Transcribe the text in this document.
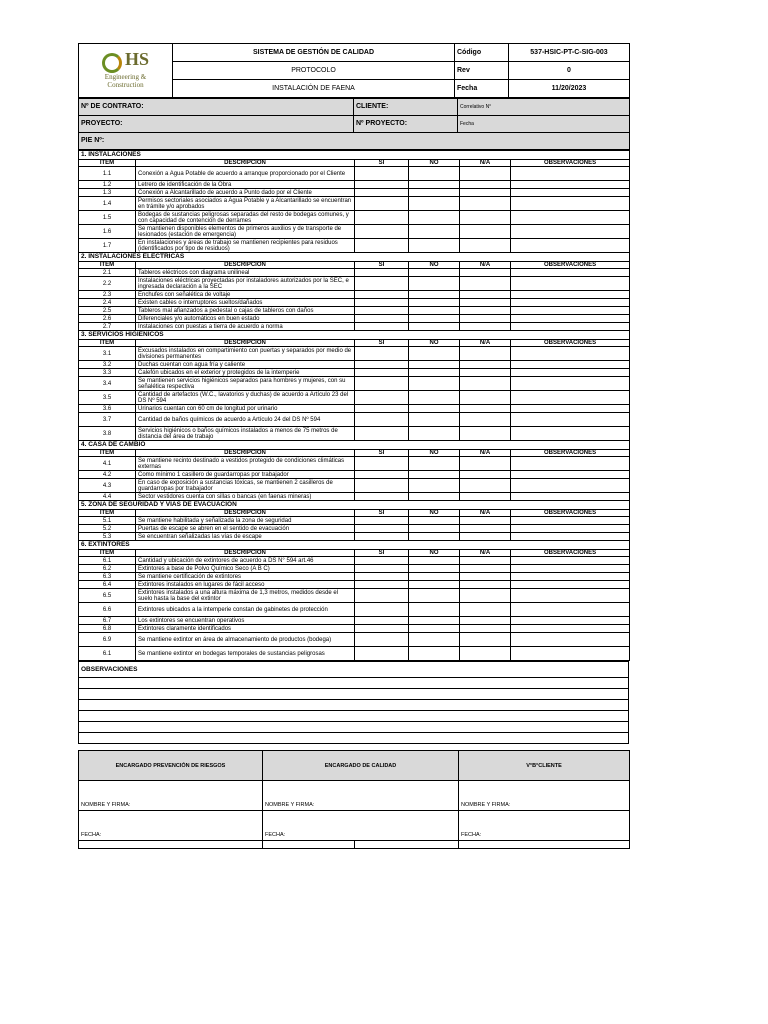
HS
Engineering &
Construction	SISTEMA DE GESTIÓN DE CALIDAD	Código	537-HSIC-PT-C-SIG-003
	PROTOCOLO	Rev	0
	INSTALACIÓN DE FAENA	Fecha	11/20/2023
Nº DE CONTRATO:	CLIENTE:	Correlativo N°
PROYECTO:	Nº PROYECTO:	Fecha
PIE Nº:		
1. INSTALACIONES					
ITEM	DESCRIPCION	SI	NO	N/A	OBSERVACIONES
1.1	Conexión a Agua Potable de acuerdo a arranque proporcionado por el Cliente				
1.2	Letrero de identificación de la Obra				
1.3	Conexión a Alcantarillado de acuerdo a Punto dado por el Cliente				
1.4	Permisos sectoriales asociados a Agua Potable y a Alcantarillado se encuentran en trámite y/o aprobados				
1.5	Bodegas de sustancias peligrosas separadas del resto de bodegas comunes, y con capacidad de contención de derrames				
1.6	Se mantienen disponibles elementos de primeros auxilios y de transporte de lesionados (estación de emergencia)				
1.7	En instalaciones y áreas de trabajo se mantienen recipientes para residuos (identificados por tipo de residuos)				
2. INSTALACIONES ELECTRICAS					
ITEM	DESCRIPCION	SI	NO	N/A	OBSERVACIONES
2.1	Tableros eléctricos con diagrama unilineal				
2.2	Instalaciones eléctricas proyectadas por instaladores autorizados por la SEC, e ingresada declaración a la SEC				
2.3	Enchufes con señalética de voltaje				
2.4	Existen cables o interruptores sueltos/dañados				
2.5	Tableros mal afianzados a pedestal o cajas de tableros con daños				
2.6	Diferenciales y/o automáticos en buen estado				
2.7	Instalaciones con puestas a tierra de acuerdo a norma				
3. SERVICIOS HIGIENICOS					
ITEM	DESCRIPCION	SI	NO	N/A	OBSERVACIONES
3.1	Excusados instalados en compartimiento con puertas y separados por medio de divisiones permanentes				
3.2	Duchas cuentan con agua fría y caliente				
3.3	Calefón ubicados en el exterior y protegidos de la intemperie				
3.4	Se mantienen servicios higiénicos separados para hombres y mujeres, con su señalética respectiva				
3.5	Cantidad de artefactos (W.C., lavatorios y duchas) de acuerdo a Artículo 23 del DS Nº 594				
3.6	Urinarios cuentan con 60 cm de longitud por urinario				
3.7	Cantidad de baños químicos de acuerdo a Artículo 24 del DS Nº 594				
3.8	Servicios higiénicos o baños químicos instalados a menos de 75 metros de distancia del área de trabajo				
4. CASA DE CAMBIO					
ITEM	DESCRIPCION	SI	NO	N/A	OBSERVACIONES
4.1	Se mantiene recinto destinado a vestidos protegido de condiciones climáticas externas				
4.2	Como mínimo 1 casillero de guardarropas por trabajador				
4.3	En caso de exposición a sustancias tóxicas, se mantienen 2 casilleros de guardarropas por trabajador				
4.4	Sector vestidores cuenta con sillas o bancas (en faenas mineras)				
5. ZONA DE SEGURIDAD Y VIAS DE EVACUACION					
ITEM	DESCRIPCION	SI	NO	N/A	OBSERVACIONES
5.1	Se mantiene habilitada y señalizada la zona de seguridad				
5.2	Puertas de escape se abren en el sentido de evacuación				
5.3	Se encuentran señalizadas las vías de escape				
6. EXTINTORES					
ITEM	DESCRIPCION	SI	NO	N/A	OBSERVACIONES
6.1	Cantidad y ubicación de extintores de acuerdo a DS N° 594 art.46				
6.2	Extintores a base de Polvo Químico Seco (A B C)				
6.3	Se mantiene certificación de extintores				
6.4	Extintores instalados en lugares de fácil acceso				
6.5	Extintores instalados a una altura máxima de 1,3 metros, medidos desde el suelo hasta la base del extintor				
6.6	Extintores ubicados a la intemperie constan de gabinetes de protección				
6.7	Los extintores se encuentran operativos				
6.8	Extintores claramente identificados				
6.9	Se mantiene extintor en área de almacenamiento de productos (bodega)				
6.1	Se mantiene extintor en bodegas temporales de sustancias peligrosas				
OBSERVACIONES

ENCARGADO PREVENCIÓN DE RIESGOS	ENCARGADO DE CALIDAD		V°B°CLIENTE
NOMBRE Y FIRMA:	NOMBRE Y FIRMA:		NOMBRE Y FIRMA:
FECHA:	FECHA:		FECHA:
